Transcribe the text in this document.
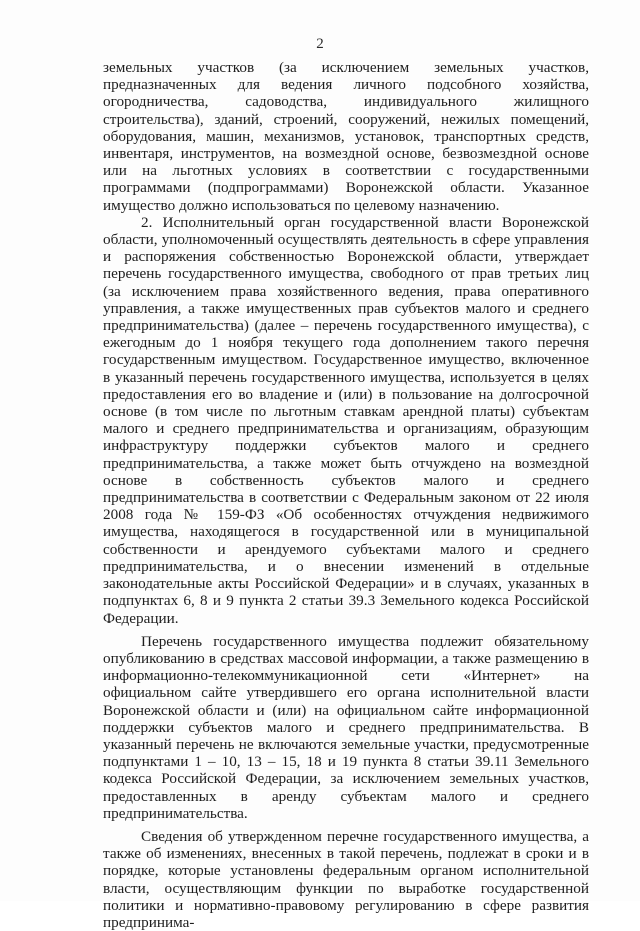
2

земельных участков (за исключением земельных участков, предназначенных для ведения личного подсобного хозяйства, огородничества, садоводства, индивидуального жилищного строительства), зданий, строений, сооружений, нежилых помещений, оборудования, машин, механизмов, установок, транспортных средств, инвентаря, инструментов, на возмездной основе, безвозмездной основе или на льготных условиях в соответствии с государственными программами (подпрограммами) Воронежской области. Указанное имущество должно использоваться по целевому назначению.

2. Исполнительный орган государственной власти Воронежской области, уполномоченный осуществлять деятельность в сфере управления и распоряжения собственностью Воронежской области, утверждает перечень государственного имущества, свободного от прав третьих лиц (за исключением права хозяйственного ведения, права оперативного управления, а также имущественных прав субъектов малого и среднего предпринимательства) (далее – перечень государственного имущества), с ежегодным до 1 ноября текущего года дополнением такого перечня государственным имуществом. Государственное имущество, включенное в указанный перечень государственного имущества, используется в целях предоставления его во владение и (или) в пользование на долгосрочной основе (в том числе по льготным ставкам арендной платы) субъектам малого и среднего предпринимательства и организациям, образующим инфраструктуру поддержки субъектов малого и среднего предпринимательства, а также может быть отчуждено на возмездной основе в собственность субъектов малого и среднего предпринимательства в соответствии с Федеральным законом от 22 июля 2008 года № 159-ФЗ «Об особенностях отчуждения недвижимого имущества, находящегося в государственной или в муниципальной собственности и арендуемого субъектами малого и среднего предпринимательства, и о внесении изменений в отдельные законодательные акты Российской Федерации» и в случаях, указанных в подпунктах 6, 8 и 9 пункта 2 статьи 39.3 Земельного кодекса Российской Федерации.

Перечень государственного имущества подлежит обязательному опубликованию в средствах массовой информации, а также размещению в информационно-телекоммуникационной сети «Интернет» на официальном сайте утвердившего его органа исполнительной власти Воронежской области и (или) на официальном сайте информационной поддержки субъектов малого и среднего предпринимательства. В указанный перечень не включаются земельные участки, предусмотренные подпунктами 1 – 10, 13 – 15, 18 и 19 пункта 8 статьи 39.11 Земельного кодекса Российской Федерации, за исключением земельных участков, предоставленных в аренду субъектам малого и среднего предпринимательства.

Сведения об утвержденном перечне государственного имущества, а также об изменениях, внесенных в такой перечень, подлежат в сроки и в порядке, которые установлены федеральным органом исполнительной власти, осуществляющим функции по выработке государственной политики и нормативно-правовому регулированию в сфере развития предпринима-
